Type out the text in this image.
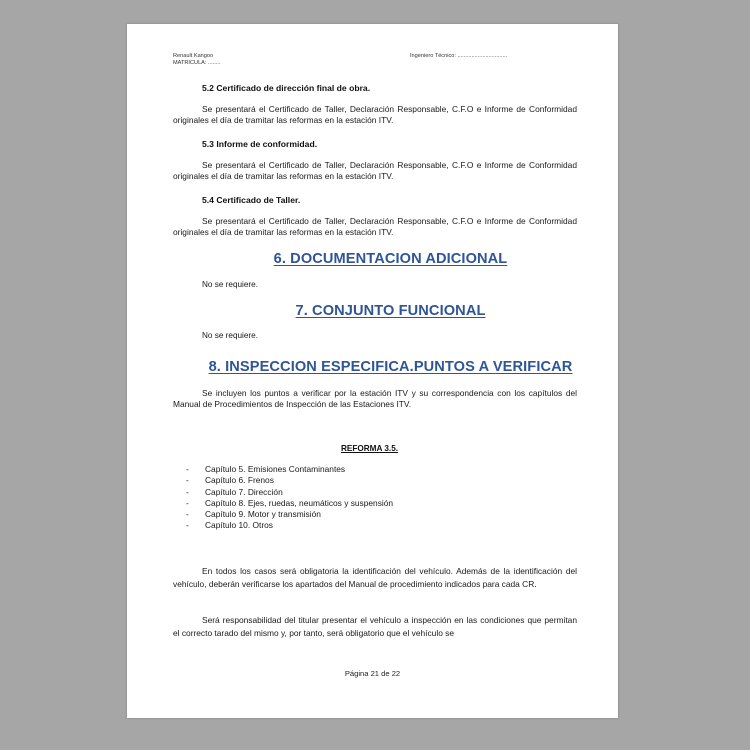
Renault Kangoo
MATRICULA: ........
Ingeniero Técnico: ................................
5.2 Certificado de dirección final de obra.
Se presentará el Certificado de Taller, Declaración Responsable, C.F.O e Informe de Conformidad originales el día de tramitar las reformas en la estación ITV.
5.3 Informe de conformidad.
Se presentará el Certificado de Taller, Declaración Responsable, C.F.O e Informe de Conformidad originales el día de tramitar las reformas en la estación ITV.
5.4 Certificado de Taller.
Se presentará el Certificado de Taller, Declaración Responsable, C.F.O e Informe de Conformidad originales el día de tramitar las reformas en la estación ITV.
6. DOCUMENTACION ADICIONAL
No se requiere.
7. CONJUNTO FUNCIONAL
No se requiere.
8. INSPECCION ESPECIFICA.PUNTOS A VERIFICAR
Se incluyen los puntos a verificar por la estación ITV y su correspondencia con los capítulos del Manual de Procedimientos de Inspección de las Estaciones ITV.
REFORMA 3.5.
- Capítulo 5. Emisiones Contaminantes
- Capítulo 6. Frenos
- Capítulo 7. Dirección
- Capítulo 8. Ejes, ruedas, neumáticos y suspensión
- Capítulo 9. Motor y transmisión
- Capítulo 10. Otros
En todos los casos será obligatoria la identificación del vehículo. Además de la identificación del vehículo, deberán verificarse los apartados del Manual de procedimiento indicados para cada CR.
Será responsabilidad del titular presentar el vehículo a inspección en las condiciones que permitan el correcto tarado del mismo y, por tanto, será obligatorio que el vehículo se
Página 21 de 22
